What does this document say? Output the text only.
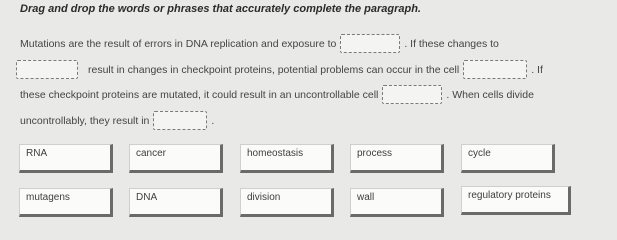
Drag and drop the words or phrases that accurately complete the paragraph.
Mutations are the result of errors in DNA replication and exposure to	. If these changes to
result in changes in checkpoint proteins, potential problems can occur in the cell	. If
these checkpoint proteins are mutated, it could result in an uncontrollable cell	. When cells divide
uncontrollably, they result in	.
RNA	cancer	homeostasis	process	cycle
mutagens	DNA	division	wall	regulatory proteins
